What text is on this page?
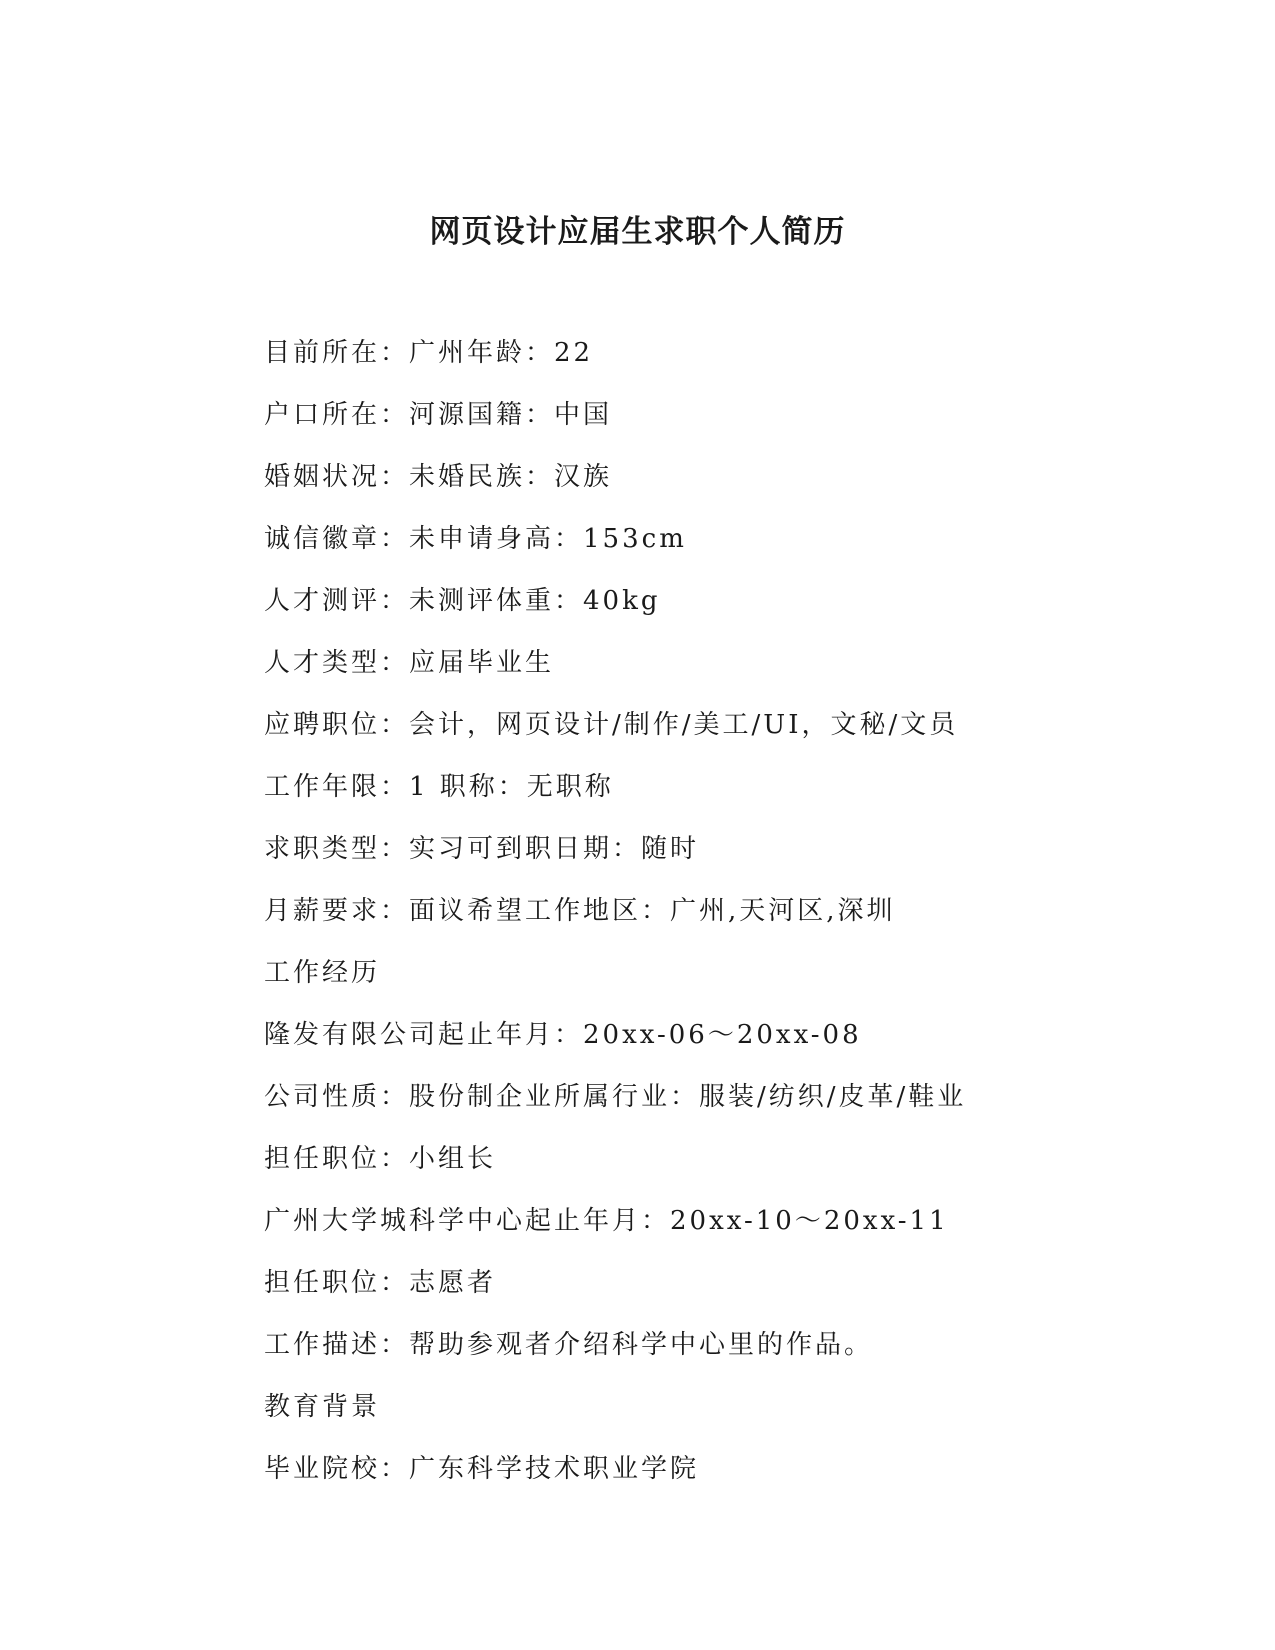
网页设计应届生求职个人简历
目前所在：广州年龄：22
户口所在：河源国籍：中国
婚姻状况：未婚民族：汉族
诚信徽章：未申请身高：153cm
人才测评：未测评体重：40kg
人才类型：应届毕业生
应聘职位：会计，网页设计/制作/美工/UI，文秘/文员
工作年限：1 职称：无职称
求职类型：实习可到职日期：随时
月薪要求：面议希望工作地区：广州,天河区,深圳
工作经历
隆发有限公司起止年月：20xx-06～20xx-08
公司性质：股份制企业所属行业：服装/纺织/皮革/鞋业
担任职位：小组长
广州大学城科学中心起止年月：20xx-10～20xx-11
担任职位：志愿者
工作描述：帮助参观者介绍科学中心里的作品。
教育背景
毕业院校：广东科学技术职业学院
